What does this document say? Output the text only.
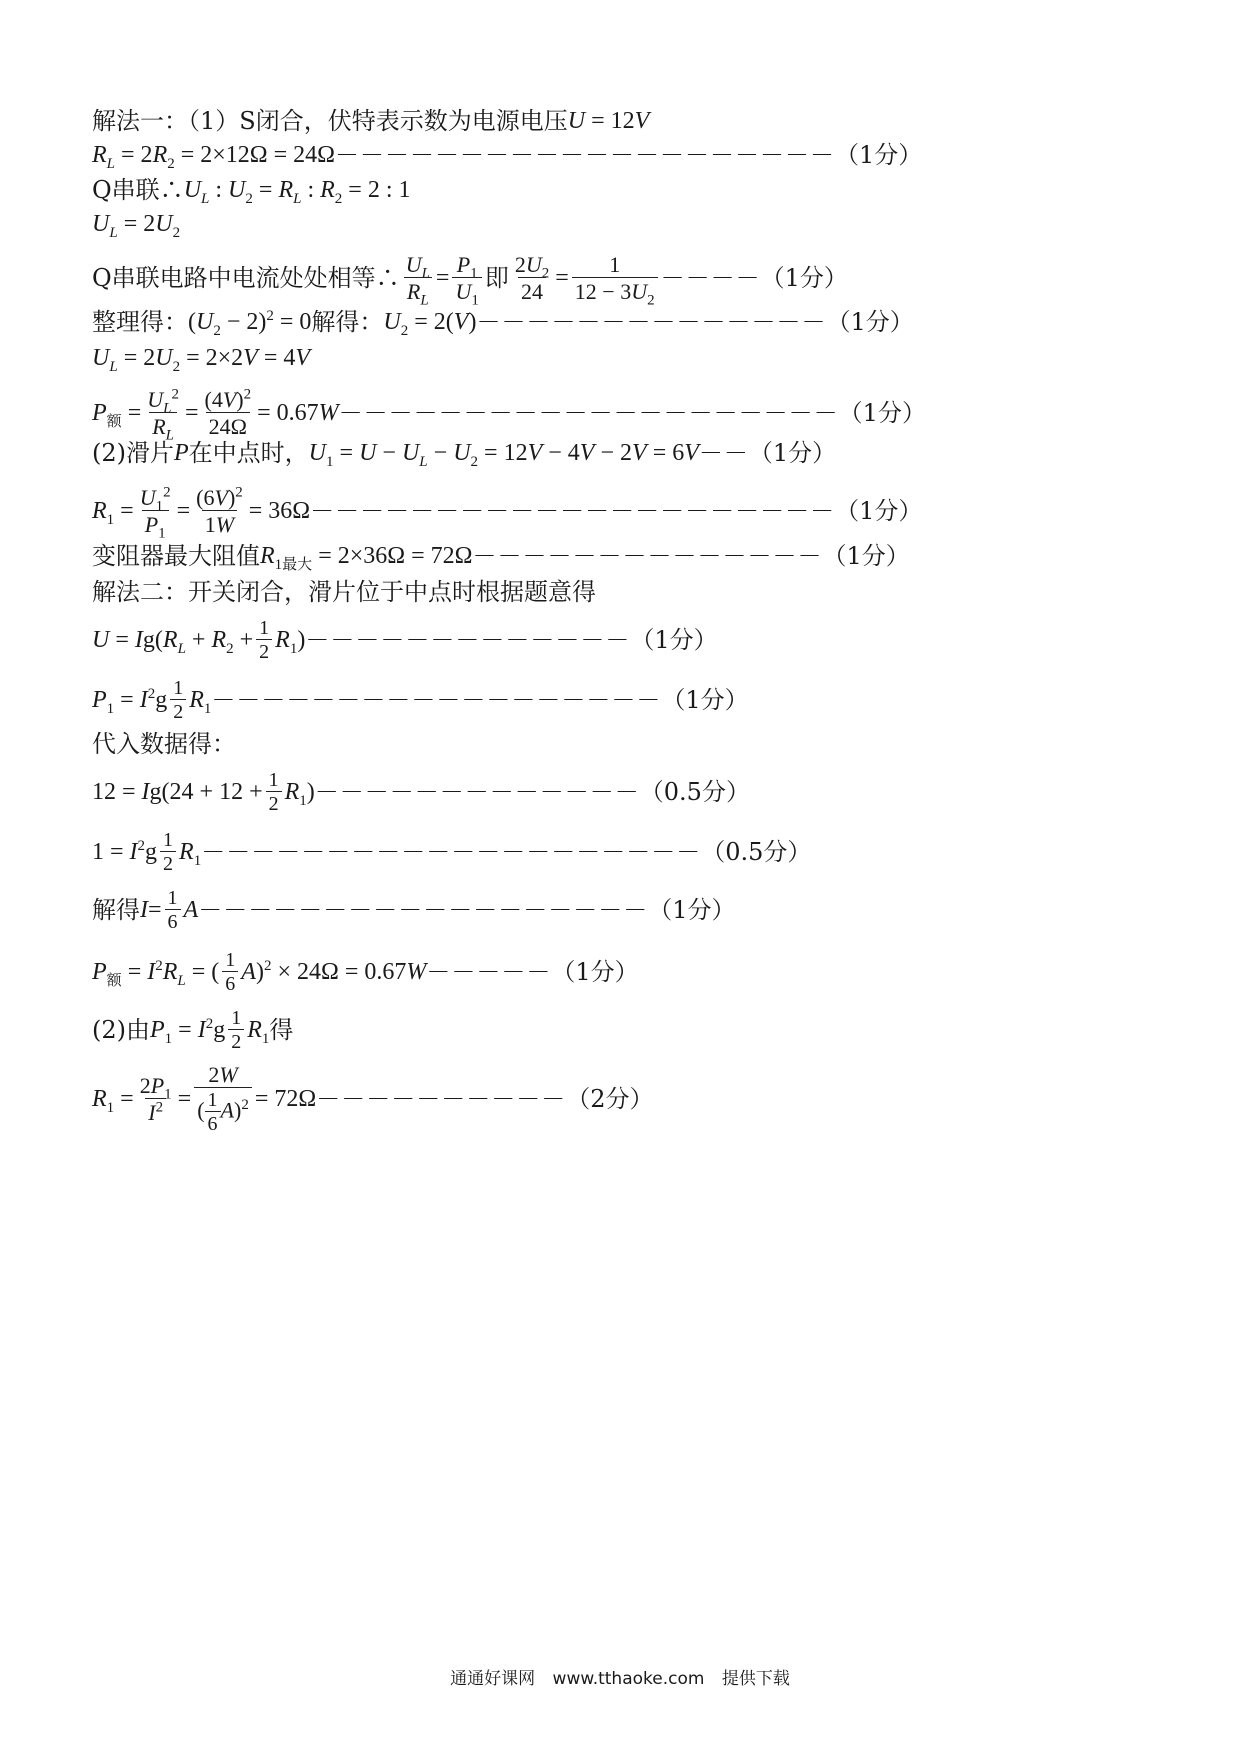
解法一：（1）S闭合，伏特表示数为电源电压 U = 12V
$R_L = 2R_2 = 2\times 12\Omega = 24\Omega$ －－－－－－－－－－－－－－－－－－－－ （1分）
Q串联∴ $U_L$ : $U_2 = R_L$ : $R_2 = 2$ : 1
$U_L = 2U_2$
Q串联电路中电流处处相等∴ $\frac{U_L}{R_L} = \frac{P_1}{U_1}$ 即 $\frac{2U_2}{24} = \frac{1}{12 - 3U_2}$ －－－－ （1分）
整理得： $(U_2 - 2)^2 = 0$ 解得： $U_2 = 2(V)$ －－－－－－－－－－－－－－ （1分）
$U_L = 2U_2 = 2\times 2V = 4V$
$P_额 = \frac{U_L^2}{R_L} = \frac{(4V)^2}{24\Omega} = 0.67W$ －－－－－－－－－－－－－－－－－－－－ （1分）
(2)滑片 P 在中点时， $U_1 = U - U_L - U_2 = 12V - 4V - 2V = 6V -- (1$分）
$R_1 = \frac{U_1^2}{P_1} = \frac{(6V)^2}{1W} = 36\Omega$ －－－－－－－－－－－－－－－－－－－－－ （1分）
变阻器最大阻值 $R_{1最大} = 2\times 36\Omega = 72\Omega$ －－－－－－－－－－－－－－ （1分）
解法二：开关闭合，滑片位于中点时根据题意得
$U = Ig(R_L + R_2 + \frac{1}{2} R_1)$ －－－－－－－－－－－－－ （1分）
$P_1 = I^2g \frac{1}{2} R_1$ －－－－－－－－－－－－－－－－－－ （1分）
代入数据得：
$12 = Ig(24 + 12 + \frac{1}{2} R_1)$ －－－－－－－－－－－－－ （0.5分）
$1 = I^2g \frac{1}{2} R_1$ －－－－－－－－－－－－－－－－－－－－ （0.5分）
解得 $I = \frac{1}{6}$ A －－－－－－－－－－－－－－－－－－ （1分）
$P_额 = I^2R_L$ = ( $\frac{1}{6} A)^2 \times 24\Omega = 0.67W$ －－－－－ （1分）
(2)由 $P_1 = I^2g \frac{1}{2} R_1$ 得
$R_1 = \frac{2P_1}{I^2} = \frac{2W}{( \frac{1}{6} A)^2} = 72\Omega$ －－－－－－－－－－ （2分）
通通好课网 www.tthaoke.com 提供下载
